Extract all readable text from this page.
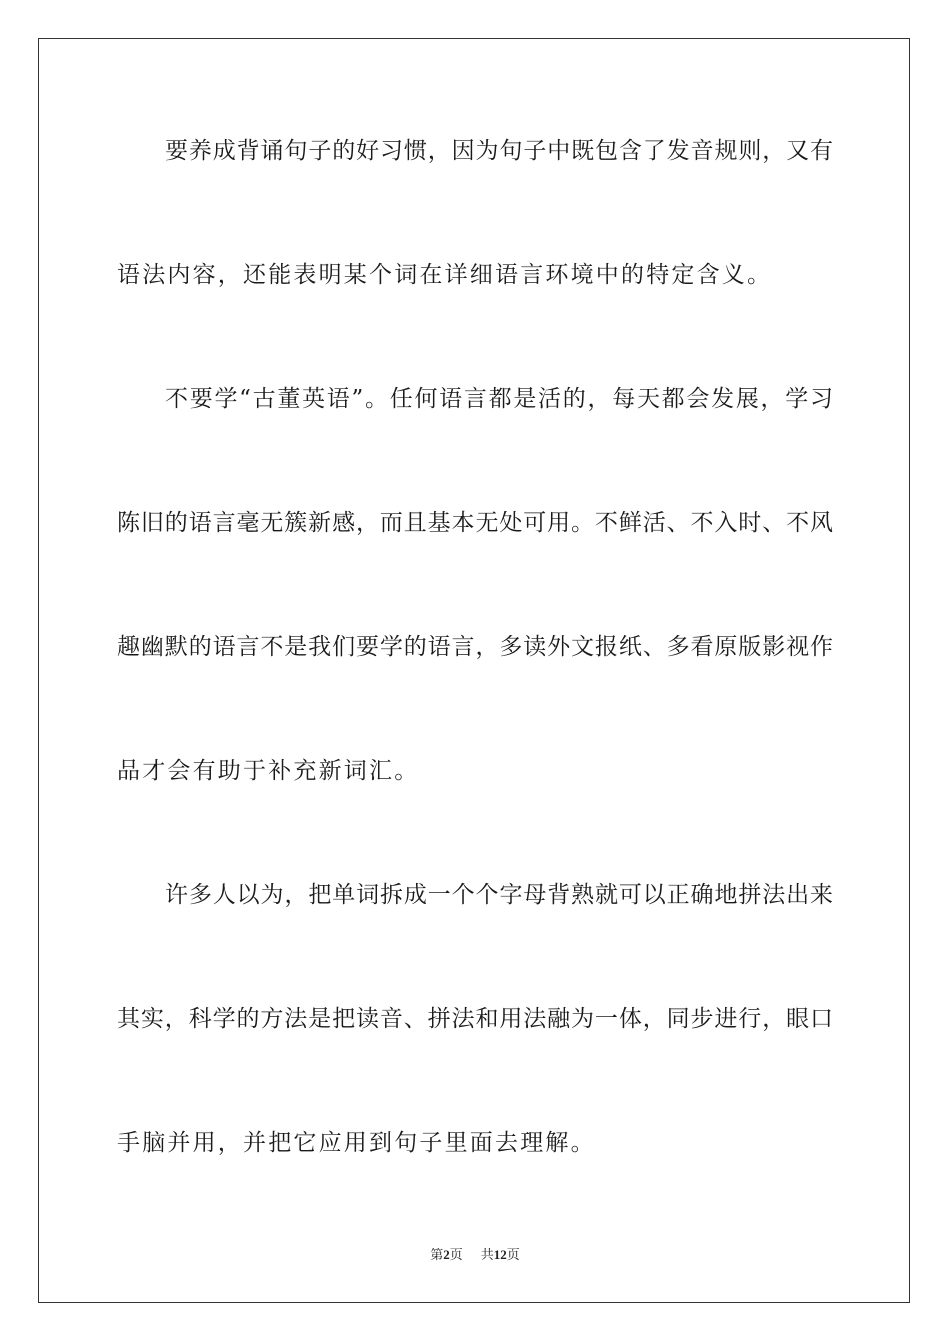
要养成背诵句子的好习惯，因为句子中既包含了发音规则，又有
语法内容，还能表明某个词在详细语言环境中的特定含义。
不要学“古董英语”。任何语言都是活的，每天都会发展，学习
陈旧的语言毫无簇新感，而且基本无处可用。不鲜活、不入时、不风
趣幽默的语言不是我们要学的语言，多读外文报纸、多看原版影视作
品才会有助于补充新词汇。
许多人以为，把单词拆成一个个字母背熟就可以正确地拼法出来
其实，科学的方法是把读音、拼法和用法融为一体，同步进行，眼口
手脑并用，并把它应用到句子里面去理解。
第2页 共12页
